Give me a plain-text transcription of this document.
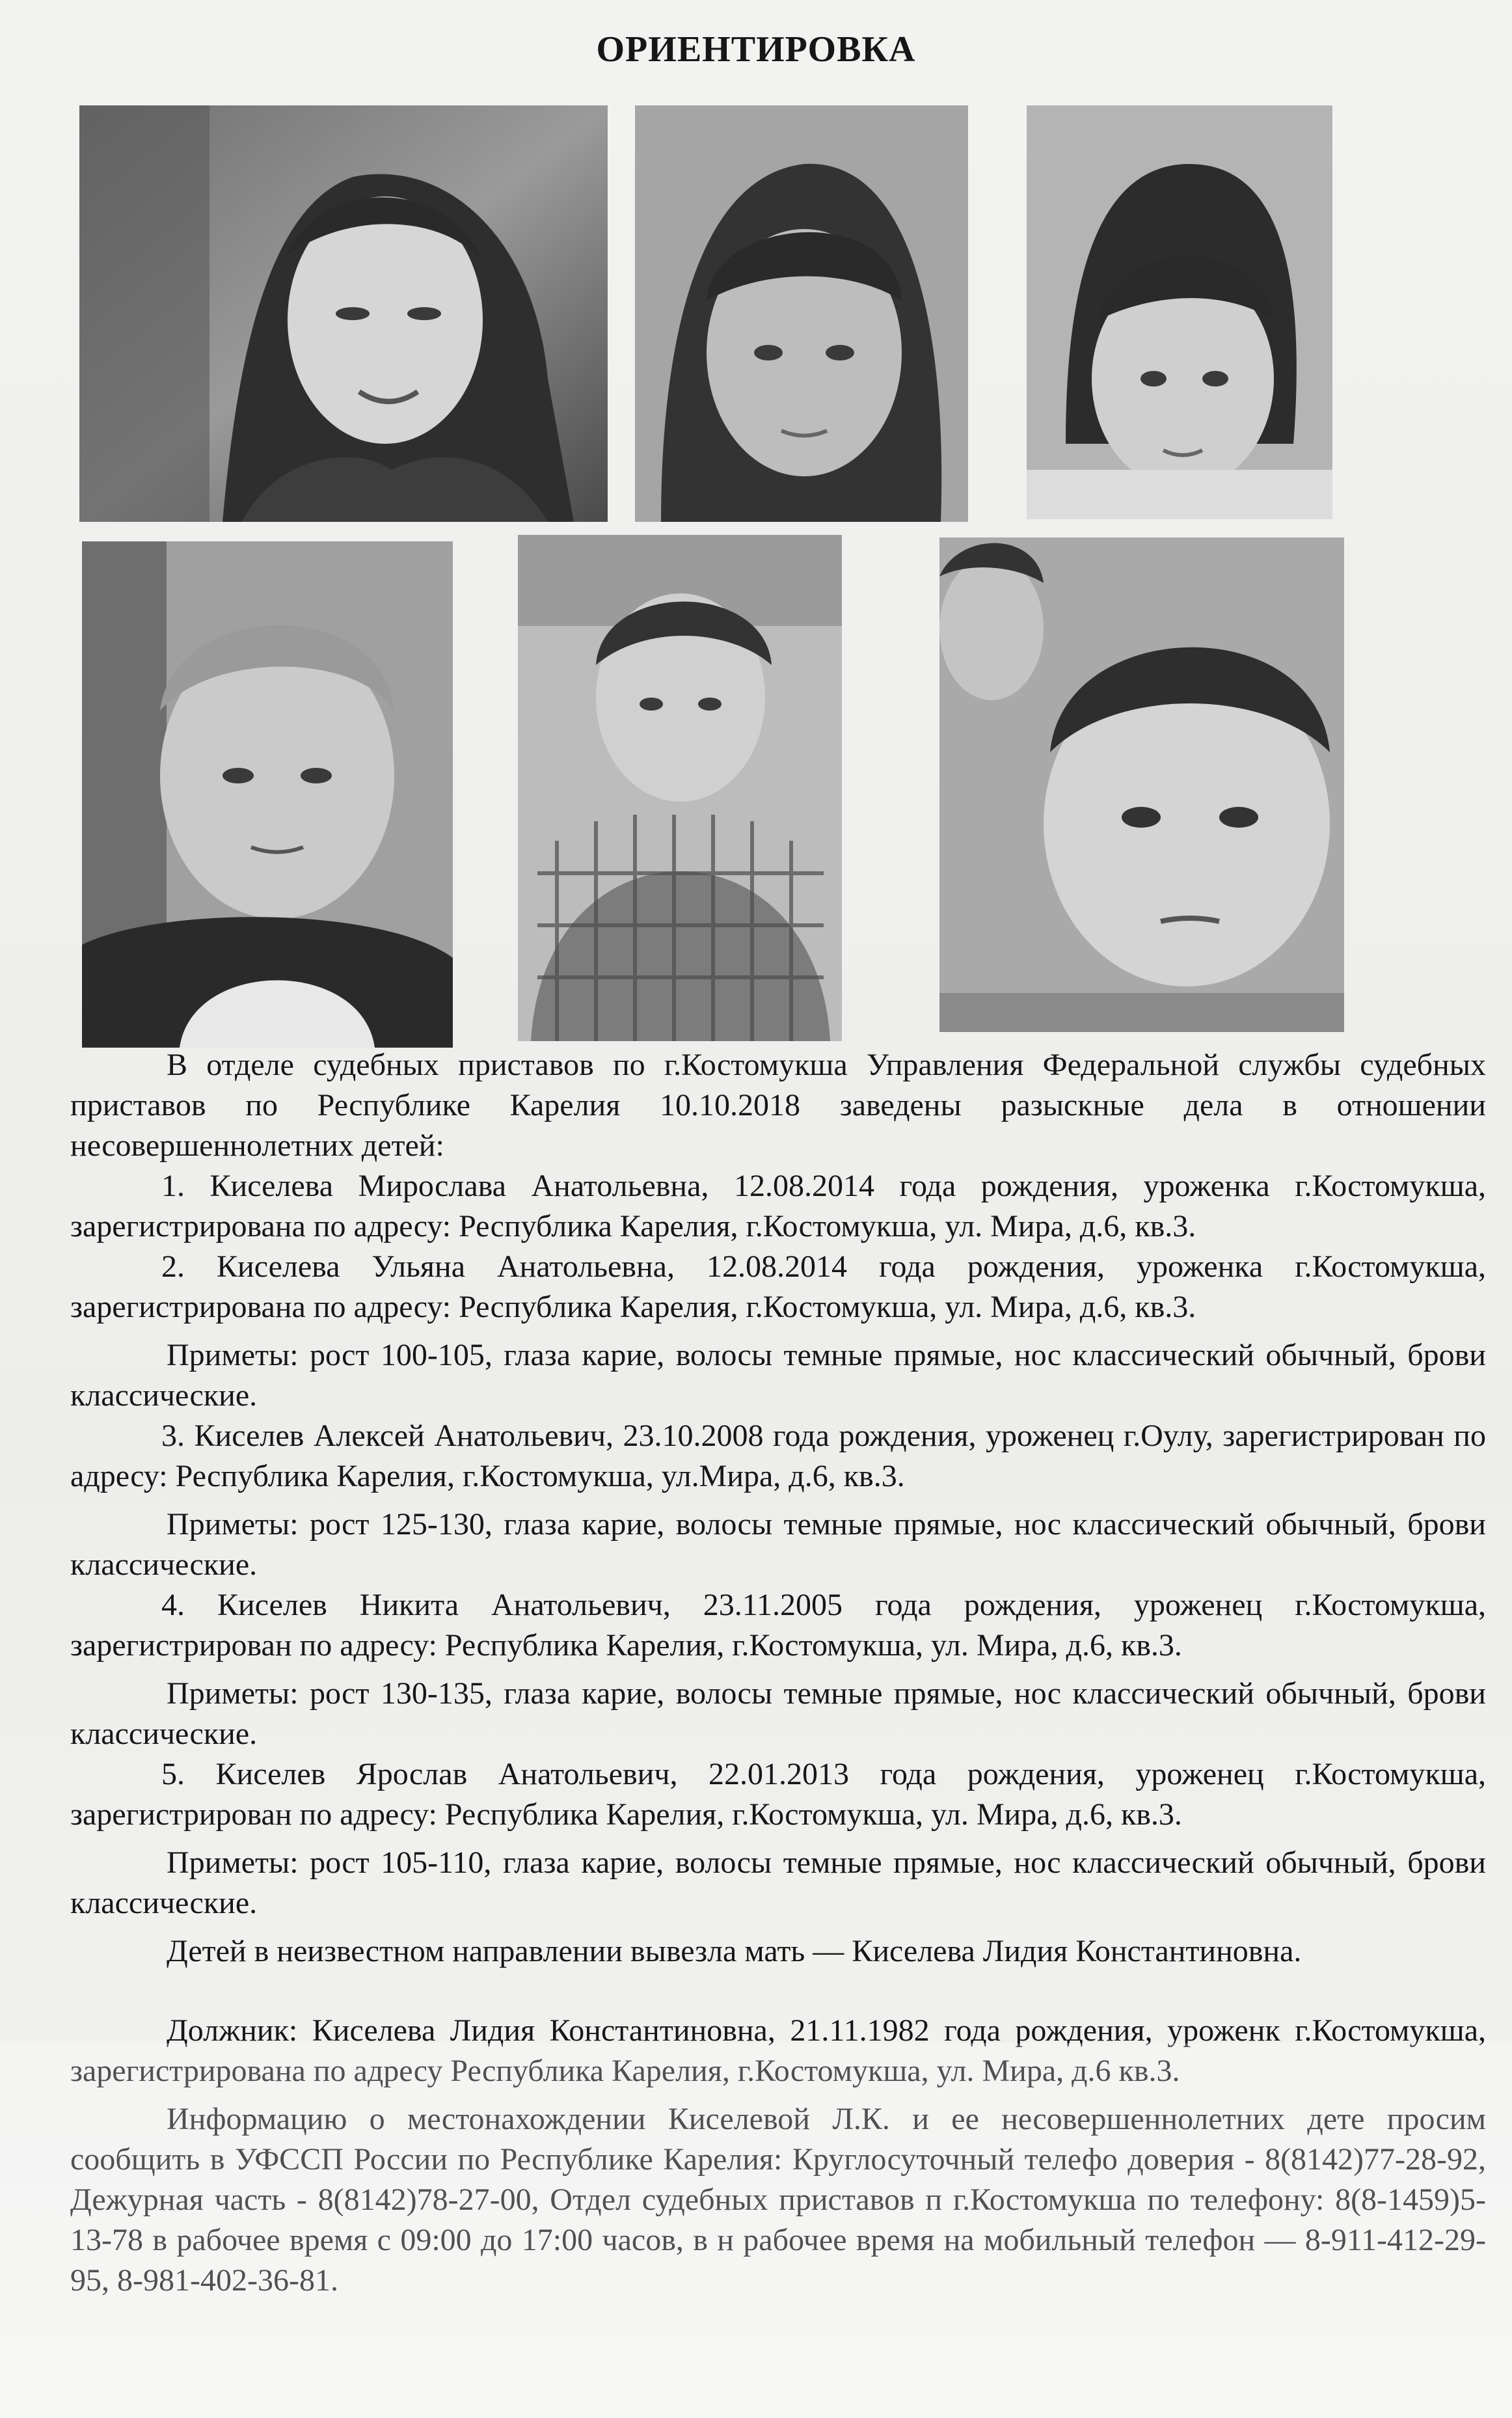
ОРИЕНТИРОВКА

В отделе судебных приставов по г.Костомукша Управления Федеральной службы судебных приставов по Республике Карелия 10.10.2018 заведены разыскные дела в отношении несовершеннолетних детей:

1. Киселева Мирослава Анатольевна, 12.08.2014 года рождения, уроженка г.Костомукша, зарегистрирована по адресу: Республика Карелия, г.Костомукша, ул. Мира, д.6, кв.3.

2. Киселева Ульяна Анатольевна, 12.08.2014 года рождения, уроженка г.Костомукша, зарегистрирована по адресу: Республика Карелия, г.Костомукша, ул. Мира, д.6, кв.3.

Приметы: рост 100-105, глаза карие, волосы темные прямые, нос классический обычный, брови классические.

3. Киселев Алексей Анатольевич, 23.10.2008 года рождения, уроженец г.Оулу, зарегистрирован по адресу: Республика Карелия, г.Костомукша, ул.Мира, д.6, кв.3.

Приметы: рост 125-130, глаза карие, волосы темные прямые, нос классический обычный, брови классические.

4. Киселев Никита Анатольевич, 23.11.2005 года рождения, уроженец г.Костомукша, зарегистрирован по адресу: Республика Карелия, г.Костомукша, ул. Мира, д.6, кв.3.

Приметы: рост 130-135, глаза карие, волосы темные прямые, нос классический обычный, брови классические.

5. Киселев Ярослав Анатольевич, 22.01.2013 года рождения, уроженец г.Костомукша, зарегистрирован по адресу: Республика Карелия, г.Костомукша, ул. Мира, д.6, кв.3.

Приметы: рост 105-110, глаза карие, волосы темные прямые, нос классический обычный, брови классические.

Детей в неизвестном направлении вывезла мать — Киселева Лидия Константиновна.

Должник: Киселева Лидия Константиновна, 21.11.1982 года рождения, уроженк г.Костомукша, зарегистрирована по адресу Республика Карелия, г.Костомукша, ул. Мира, д.6 кв.3.

Информацию о местонахождении Киселевой Л.К. и ее несовершеннолетних дете просим сообщить в УФССП России по Республике Карелия: Круглосуточный телефо доверия - 8(8142)77-28-92, Дежурная часть - 8(8142)78-27-00, Отдел судебных приставов п г.Костомукша по телефону: 8(8-1459)5-13-78 в рабочее время с 09:00 до 17:00 часов, в н рабочее время на мобильный телефон — 8-911-412-29-95, 8-981-402-36-81.
